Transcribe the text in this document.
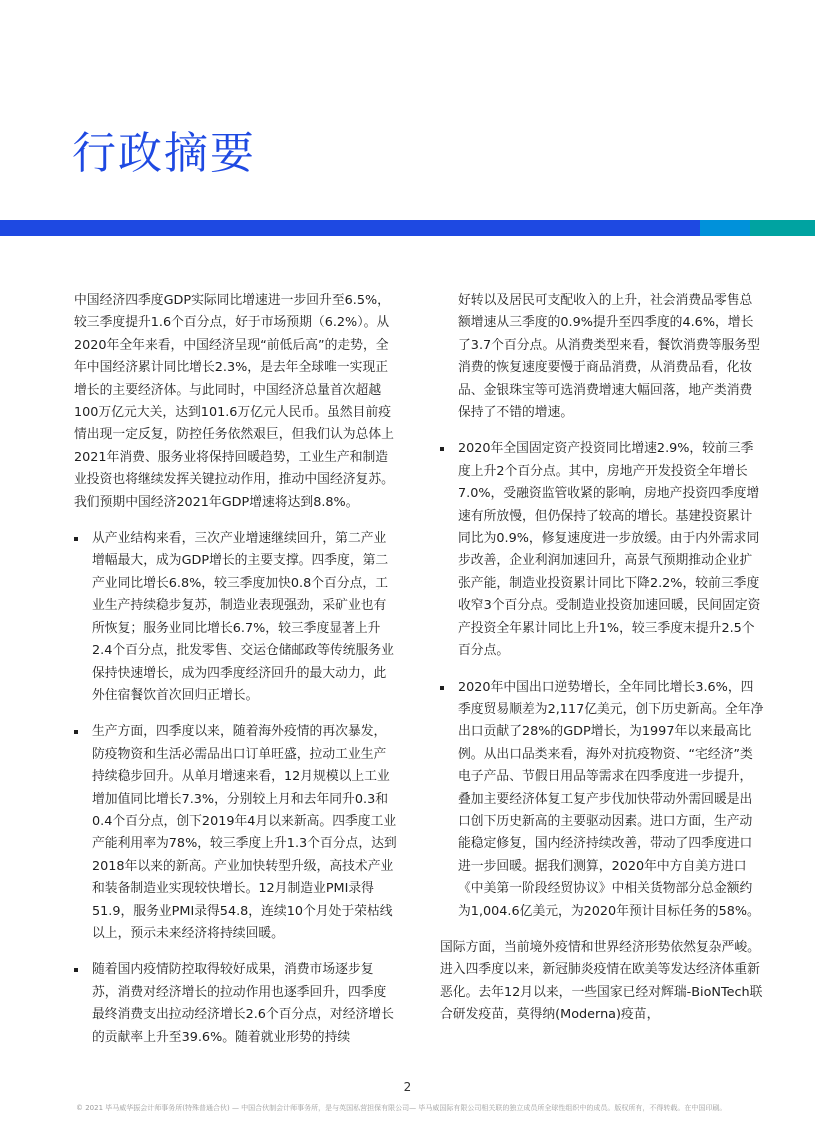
行政摘要

中国经济四季度GDP实际同比增速进一步回升至6.5%，较三季度提升1.6个百分点，好于市场预期（6.2%）。从2020年全年来看，中国经济呈现“前低后高”的走势，全年中国经济累计同比增长2.3%，是去年全球唯一实现正增长的主要经济体。与此同时，中国经济总量首次超越100万亿元大关，达到101.6万亿元人民币。虽然目前疫情出现一定反复，防控任务依然艰巨，但我们认为总体上2021年消费、服务业将保持回暖趋势，工业生产和制造业投资也将继续发挥关键拉动作用，推动中国经济复苏。我们预期中国经济2021年GDP增速将达到8.8%。

从产业结构来看，三次产业增速继续回升，第二产业增幅最大，成为GDP增长的主要支撑。四季度，第二产业同比增长6.8%，较三季度加快0.8个百分点，工业生产持续稳步复苏，制造业表现强劲，采矿业也有所恢复；服务业同比增长6.7%，较三季度显著上升2.4个百分点，批发零售、交运仓储邮政等传统服务业保持快速增长，成为四季度经济回升的最大动力，此外住宿餐饮首次回归正增长。
生产方面，四季度以来，随着海外疫情的再次暴发，防疫物资和生活必需品出口订单旺盛，拉动工业生产持续稳步回升。从单月增速来看，12月规模以上工业增加值同比增长7.3%，分别较上月和去年同升0.3和0.4个百分点，创下2019年4月以来新高。四季度工业产能利用率为78%，较三季度上升1.3个百分点，达到2018年以来的新高。产业加快转型升级，高技术产业和装备制造业实现较快增长。12月制造业PMI录得51.9，服务业PMI录得54.8，连续10个月处于荣枯线以上，预示未来经济将持续回暖。
随着国内疫情防控取得较好成果，消费市场逐步复苏，消费对经济增长的拉动作用也逐季回升，四季度最终消费支出拉动经济增长2.6个百分点，对经济增长的贡献率上升至39.6%。随着就业形势的持续
好转以及居民可支配收入的上升，社会消费品零售总额增速从三季度的0.9%提升至四季度的4.6%，增长了3.7个百分点。从消费类型来看，餐饮消费等服务型消费的恢复速度要慢于商品消费，从消费品看，化妆品、金银珠宝等可选消费增速大幅回落，地产类消费保持了不错的增速。
2020年全国固定资产投资同比增速2.9%，较前三季度上升2个百分点。其中，房地产开发投资全年增长7.0%，受融资监管收紧的影响，房地产投资四季度增速有所放慢，但仍保持了较高的增长。基建投资累计同比为0.9%，修复速度进一步放缓。由于内外需求同步改善，企业利润加速回升，高景气预期推动企业扩张产能，制造业投资累计同比下降2.2%，较前三季度收窄3个百分点。受制造业投资加速回暖，民间固定资产投资全年累计同比上升1%，较三季度末提升2.5个百分点。
2020年中国出口逆势增长，全年同比增长3.6%，四季度贸易顺差为2,117亿美元，创下历史新高。全年净出口贡献了28%的GDP增长，为1997年以来最高比例。从出口品类来看，海外对抗疫物资、“宅经济”类电子产品、节假日用品等需求在四季度进一步提升，叠加主要经济体复工复产步伐加快带动外需回暖是出口创下历史新高的主要驱动因素。进口方面，生产动能稳定修复，国内经济持续改善，带动了四季度进口进一步回暖。据我们测算，2020年中方自美方进口《中美第一阶段经贸协议》中相关货物部分总金额约为1,004.6亿美元，为2020年预计目标任务的58%。

国际方面，当前境外疫情和世界经济形势依然复杂严峻。进入四季度以来，新冠肺炎疫情在欧美等发达经济体重新恶化。去年12月以来，一些国家已经对辉瑞-BioNTech联合研发疫苗，莫得纳(Moderna)疫苗，

2
© 2021 毕马威华振会计师事务所(特殊普通合伙) — 中国合伙制会计师事务所，是与英国私营担保有限公司— 毕马威国际有限公司相关联的独立成员所全球性组织中的成员。版权所有，不得转载。在中国印刷。
